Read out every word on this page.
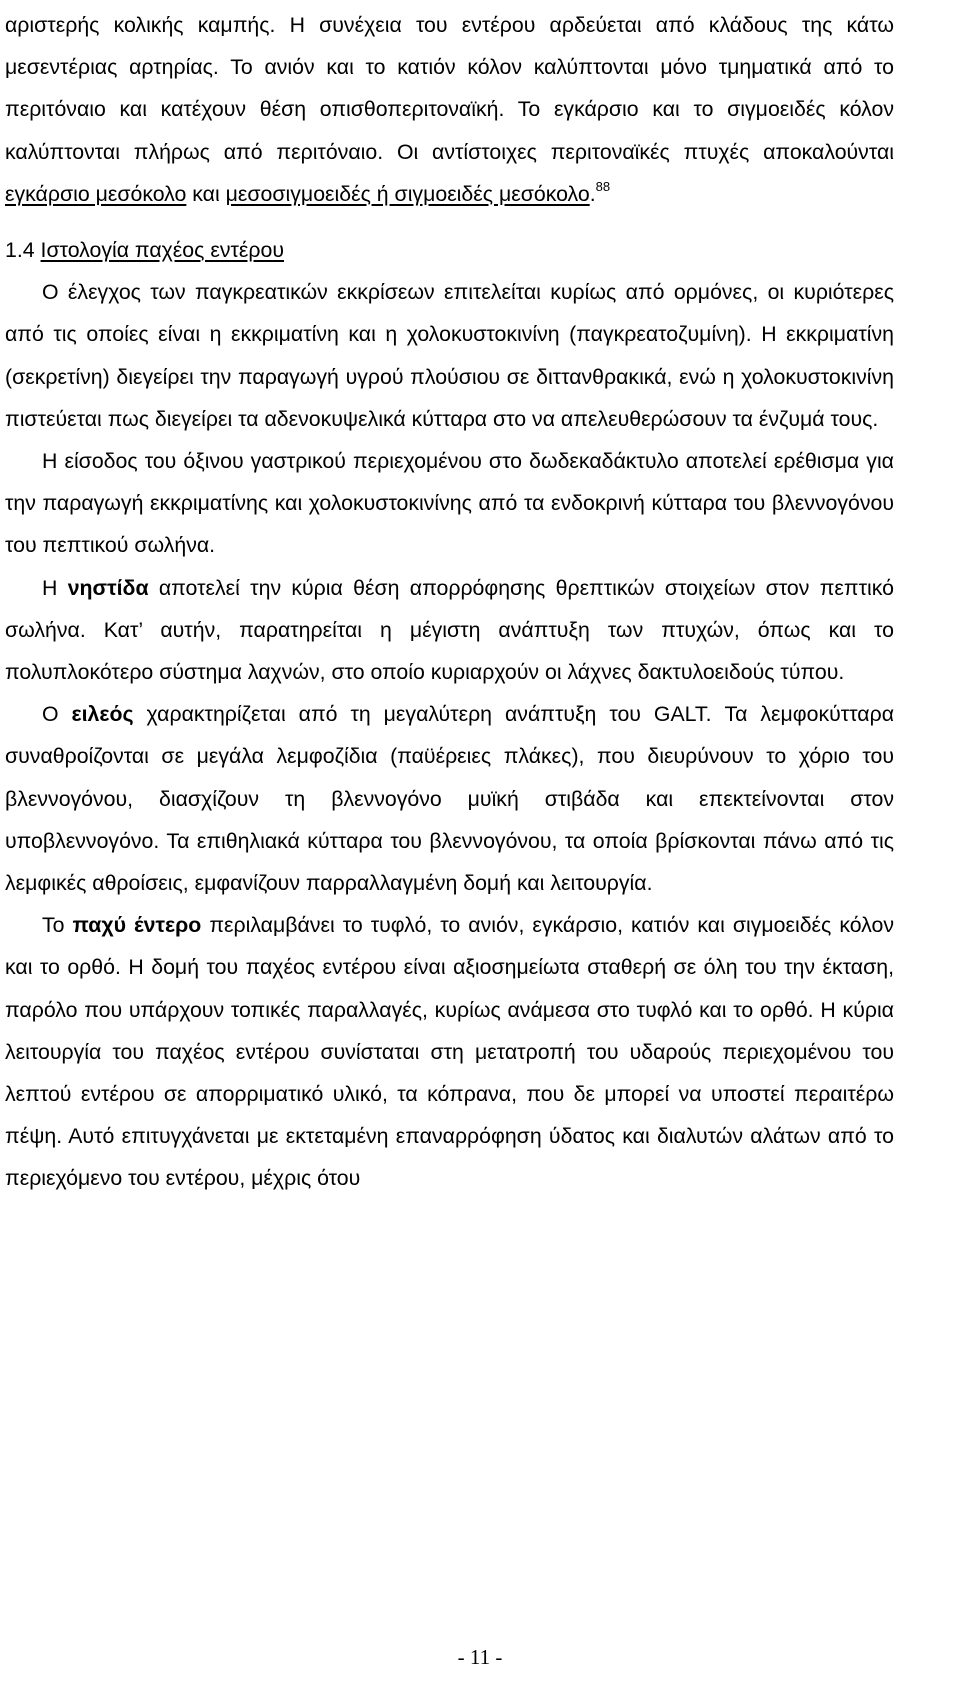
αριστερής κολικής καμπής. Η συνέχεια του εντέρου αρδεύεται από κλάδους της κάτω μεσεντέριας αρτηρίας. Το ανιόν και το κατιόν κόλον καλύπτονται μόνο τμηματικά από το περιτόναιο και κατέχουν θέση οπισθοπεριτοναϊκή. Το εγκάρσιο και το σιγμοειδές κόλον καλύπτονται πλήρως από περιτόναιο. Οι αντίστοιχες περιτοναϊκές πτυχές αποκαλούνται εγκάρσιο μεσόκολο και μεσοσιγμοειδές ή σιγμοειδές μεσόκολο.$^{88}$

1.4 Ιστολογία παχέος εντέρου

Ο έλεγχος των παγκρεατικών εκκρίσεων επιτελείται κυρίως από ορμόνες, οι κυριότερες από τις οποίες είναι η εκκριματίνη και η χολοκυστοκινίνη (παγκρεατοζυμίνη). Η εκκριματίνη (σεκρετίνη) διεγείρει την παραγωγή υγρού πλούσιου σε διττανθρακικά, ενώ η χολοκυστοκινίνη πιστεύεται πως διεγείρει τα αδενοκυψελικά κύτταρα στο να απελευθερώσουν τα ένζυμά τους.

Η είσοδος του όξινου γαστρικού περιεχομένου στο δωδεκαδάκτυλο αποτελεί ερέθισμα για την παραγωγή εκκριματίνης και χολοκυστοκινίνης από τα ενδοκρινή κύτταρα του βλεννογόνου του πεπτικού σωλήνα.

Η νηστίδα αποτελεί την κύρια θέση απορρόφησης θρεπτικών στοιχείων στον πεπτικό σωλήνα. Κατ’ αυτήν, παρατηρείται η μέγιστη ανάπτυξη των πτυχών, όπως και το πολυπλοκότερο σύστημα λαχνών, στο οποίο κυριαρχούν οι λάχνες δακτυλοειδούς τύπου.

Ο ειλεός χαρακτηρίζεται από τη μεγαλύτερη ανάπτυξη του GALT. Τα λεμφοκύτταρα συναθροίζονται σε μεγάλα λεμφοζίδια (παϋέρειες πλάκες), που διευρύνουν το χόριο του βλεννογόνου, διασχίζουν τη βλεννογόνο μυϊκή στιβάδα και επεκτείνονται στον υποβλεννογόνο. Τα επιθηλιακά κύτταρα του βλεννογόνου, τα οποία βρίσκονται πάνω από τις λεμφικές αθροίσεις, εμφανίζουν παρραλλαγμένη δομή και λειτουργία.

Το παχύ έντερο περιλαμβάνει το τυφλό, το ανιόν, εγκάρσιο, κατιόν και σιγμοειδές κόλον και το ορθό. Η δομή του παχέος εντέρου είναι αξιοσημείωτα σταθερή σε όλη του την έκταση, παρόλο που υπάρχουν τοπικές παραλλαγές, κυρίως ανάμεσα στο τυφλό και το ορθό. Η κύρια λειτουργία του παχέος εντέρου συνίσταται στη μετατροπή του υδαρούς περιεχομένου του λεπτού εντέρου σε απορριματικό υλικό, τα κόπρανα, που δε μπορεί να υποστεί περαιτέρω πέψη. Αυτό επιτυγχάνεται με εκτεταμένη επαναρρόφηση ύδατος και διαλυτών αλάτων από το περιεχόμενο του εντέρου, μέχρις ότου

- 11 -
